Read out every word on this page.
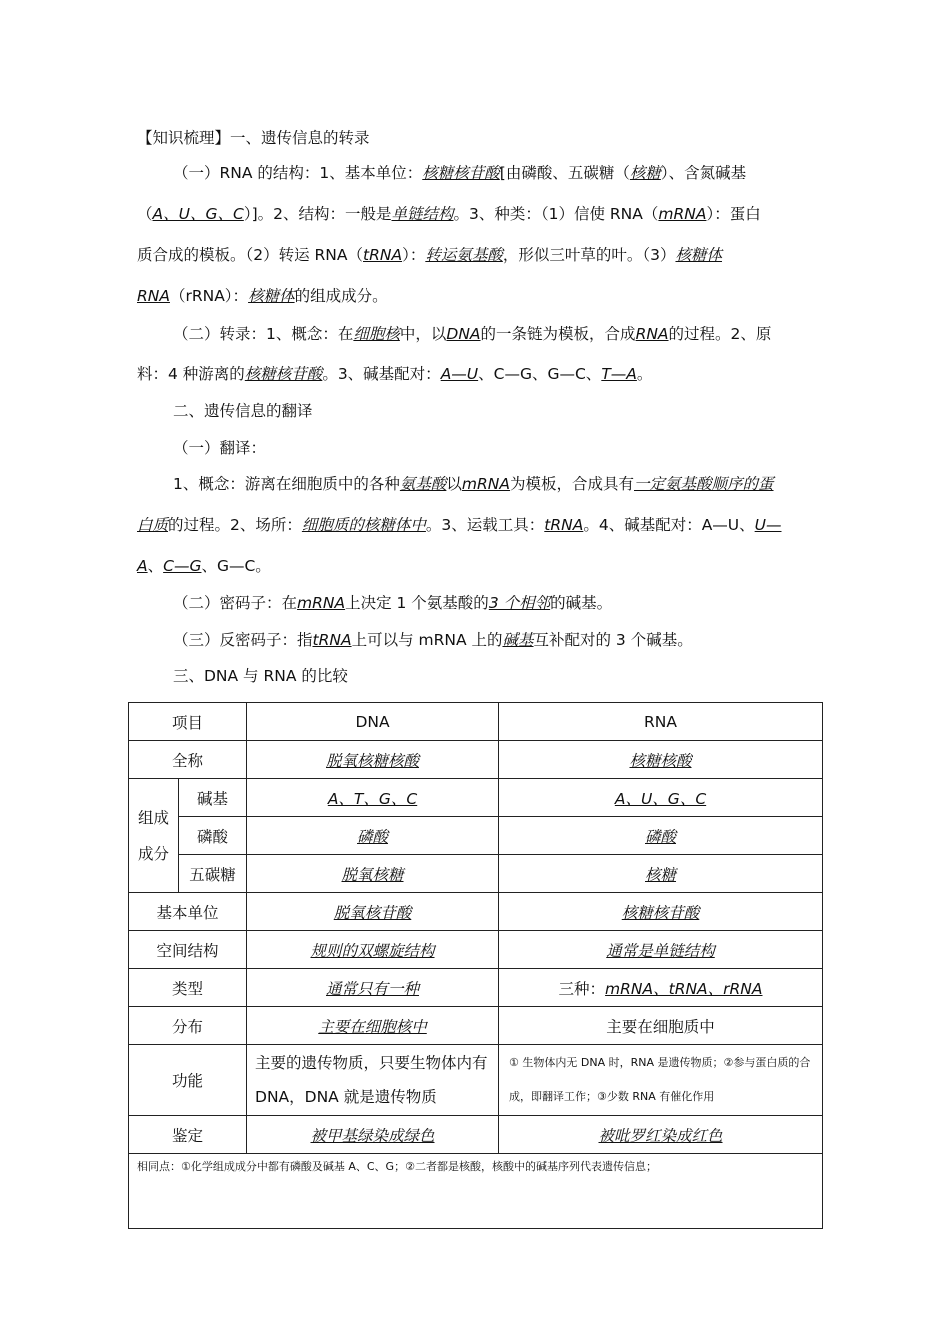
【知识梳理】一、遗传信息的转录
（一）RNA 的结构：1、基本单位：核糖核苷酸[由磷酸、五碳糖（核糖）、含氮碱基
（A、U、G、C）]。2、结构：一般是单链结构。3、种类：（1）信使 RNA（mRNA）：蛋白
质合成的模板。（2）转运 RNA（tRNA）：转运氨基酸，形似三叶草的叶。（3）核糖体
RNA（rRNA）：核糖体的组成成分。
（二）转录：1、概念：在细胞核中，以DNA的一条链为模板，合成RNA的过程。2、原
料：4 种游离的核糖核苷酸。3、碱基配对：A—U、C—G、G—C、T—A。
二、遗传信息的翻译
（一）翻译：
1、概念：游离在细胞质中的各种氨基酸以mRNA为模板，合成具有一定氨基酸顺序的蛋
白质的过程。2、场所：细胞质的核糖体中。3、运载工具：tRNA。4、碱基配对：A—U、U—
A、C—G、G—C。
（二）密码子：在mRNA上决定 1 个氨基酸的3 个相邻的碱基。
（三）反密码子：指tRNA上可以与 mRNA 上的碱基互补配对的 3 个碱基。
三、DNA 与 RNA 的比较
项目		DNA	RNA
全称		脱氧核糖核酸	核糖核酸
组成成分	碱基	A、T、G、C	A、U、G、C
	磷酸	磷酸	磷酸
	五碳糖	脱氧核糖	核糖
基本单位		脱氧核苷酸	核糖核苷酸
空间结构		规则的双螺旋结构	通常是单链结构
类型		通常只有一种	三种：mRNA、tRNA、rRNA
分布		主要在细胞核中	主要在细胞质中
功能		主要的遗传物质，只要生物体内有 DNA，DNA 就是遗传物质	① 生物体内无 DNA 时，RNA 是遗传物质；②参与蛋白质的合成，即翻译工作；③少数 RNA 有催化作用
鉴定		被甲基绿染成绿色	被吡罗红染成红色
相同点：①化学组成成分中都有磷酸及碱基 A、C、G；②二者都是核酸，核酸中的碱基序列代表遗传信息；			
